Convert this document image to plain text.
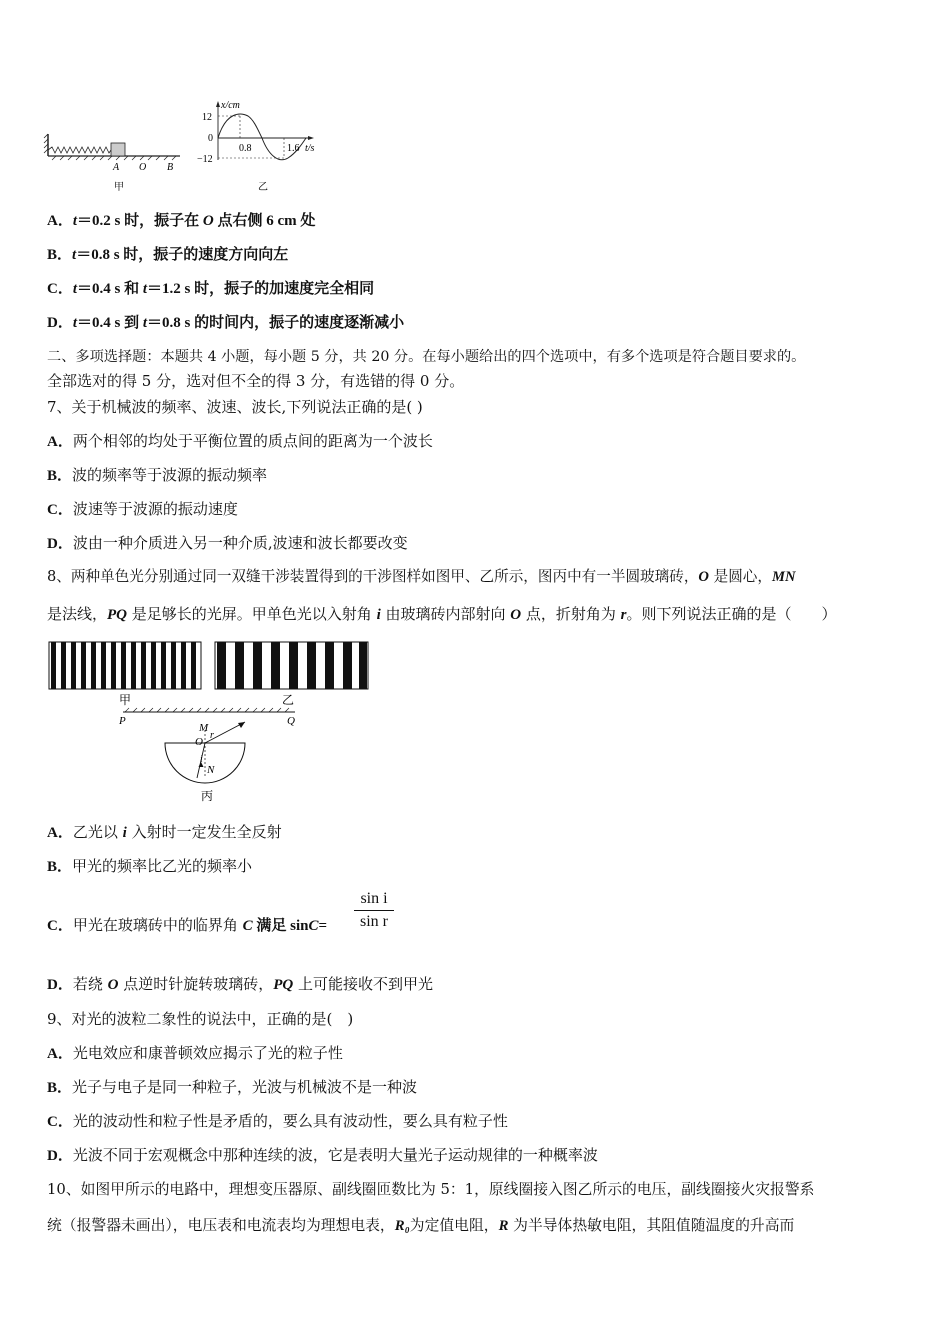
A O B
甲
x/cm
12
0
−12
0.8	1.6 t/s
乙
A．t＝0.2 s 时，振子在 O 点右侧 6 cm 处
B．t＝0.8 s 时，振子的速度方向向左
C．t＝0.4 s 和 t＝1.2 s 时，振子的加速度完全相同
D．t＝0.4 s 到 t＝0.8 s 的时间内，振子的速度逐渐减小
二、多项选择题：本题共 4 小题，每小题 5 分，共 20 分。在每小题给出的四个选项中，有多个选项是符合题目要求的。
全部选对的得 5 分，选对但不全的得 3 分，有选错的得 0 分。
7、关于机械波的频率、波速、波长,下列说法正确的是( )
A．两个相邻的均处于平衡位置的质点间的距离为一个波长
B．波的频率等于波源的振动频率
C．波速等于波源的振动速度
D．波由一种介质进入另一种介质,波速和波长都要改变
8、两种单色光分别通过同一双缝干涉装置得到的干涉图样如图甲、乙所示，图丙中有一半圆玻璃砖，O 是圆心，MN
是法线，PQ 是足够长的光屏。甲单色光以入射角 i 由玻璃砖内部射向 O 点，折射角为 r。则下列说法正确的是（　　）
甲	乙
P	Q
M
O
r
i
N
丙
A．乙光以 i 入射时一定发生全反射
B．甲光的频率比乙光的频率小
C．甲光在玻璃砖中的临界角 C 满足 sinC=
sin i
sin r
D．若绕 O 点逆时针旋转玻璃砖，PQ 上可能接收不到甲光
9、对光的波粒二象性的说法中，正确的是(　)
A．光电效应和康普顿效应揭示了光的粒子性
B．光子与电子是同一种粒子，光波与机械波不是一种波
C．光的波动性和粒子性是矛盾的，要么具有波动性，要么具有粒子性
D．光波不同于宏观概念中那种连续的波，它是表明大量光子运动规律的一种概率波
10、如图甲所示的电路中，理想变压器原、副线圈匝数比为 5：1，原线圈接入图乙所示的电压，副线圈接火灾报警系
统（报警器未画出），电压表和电流表均为理想电表，R₀为定值电阻，R 为半导体热敏电阻，其阻值随温度的升高而
